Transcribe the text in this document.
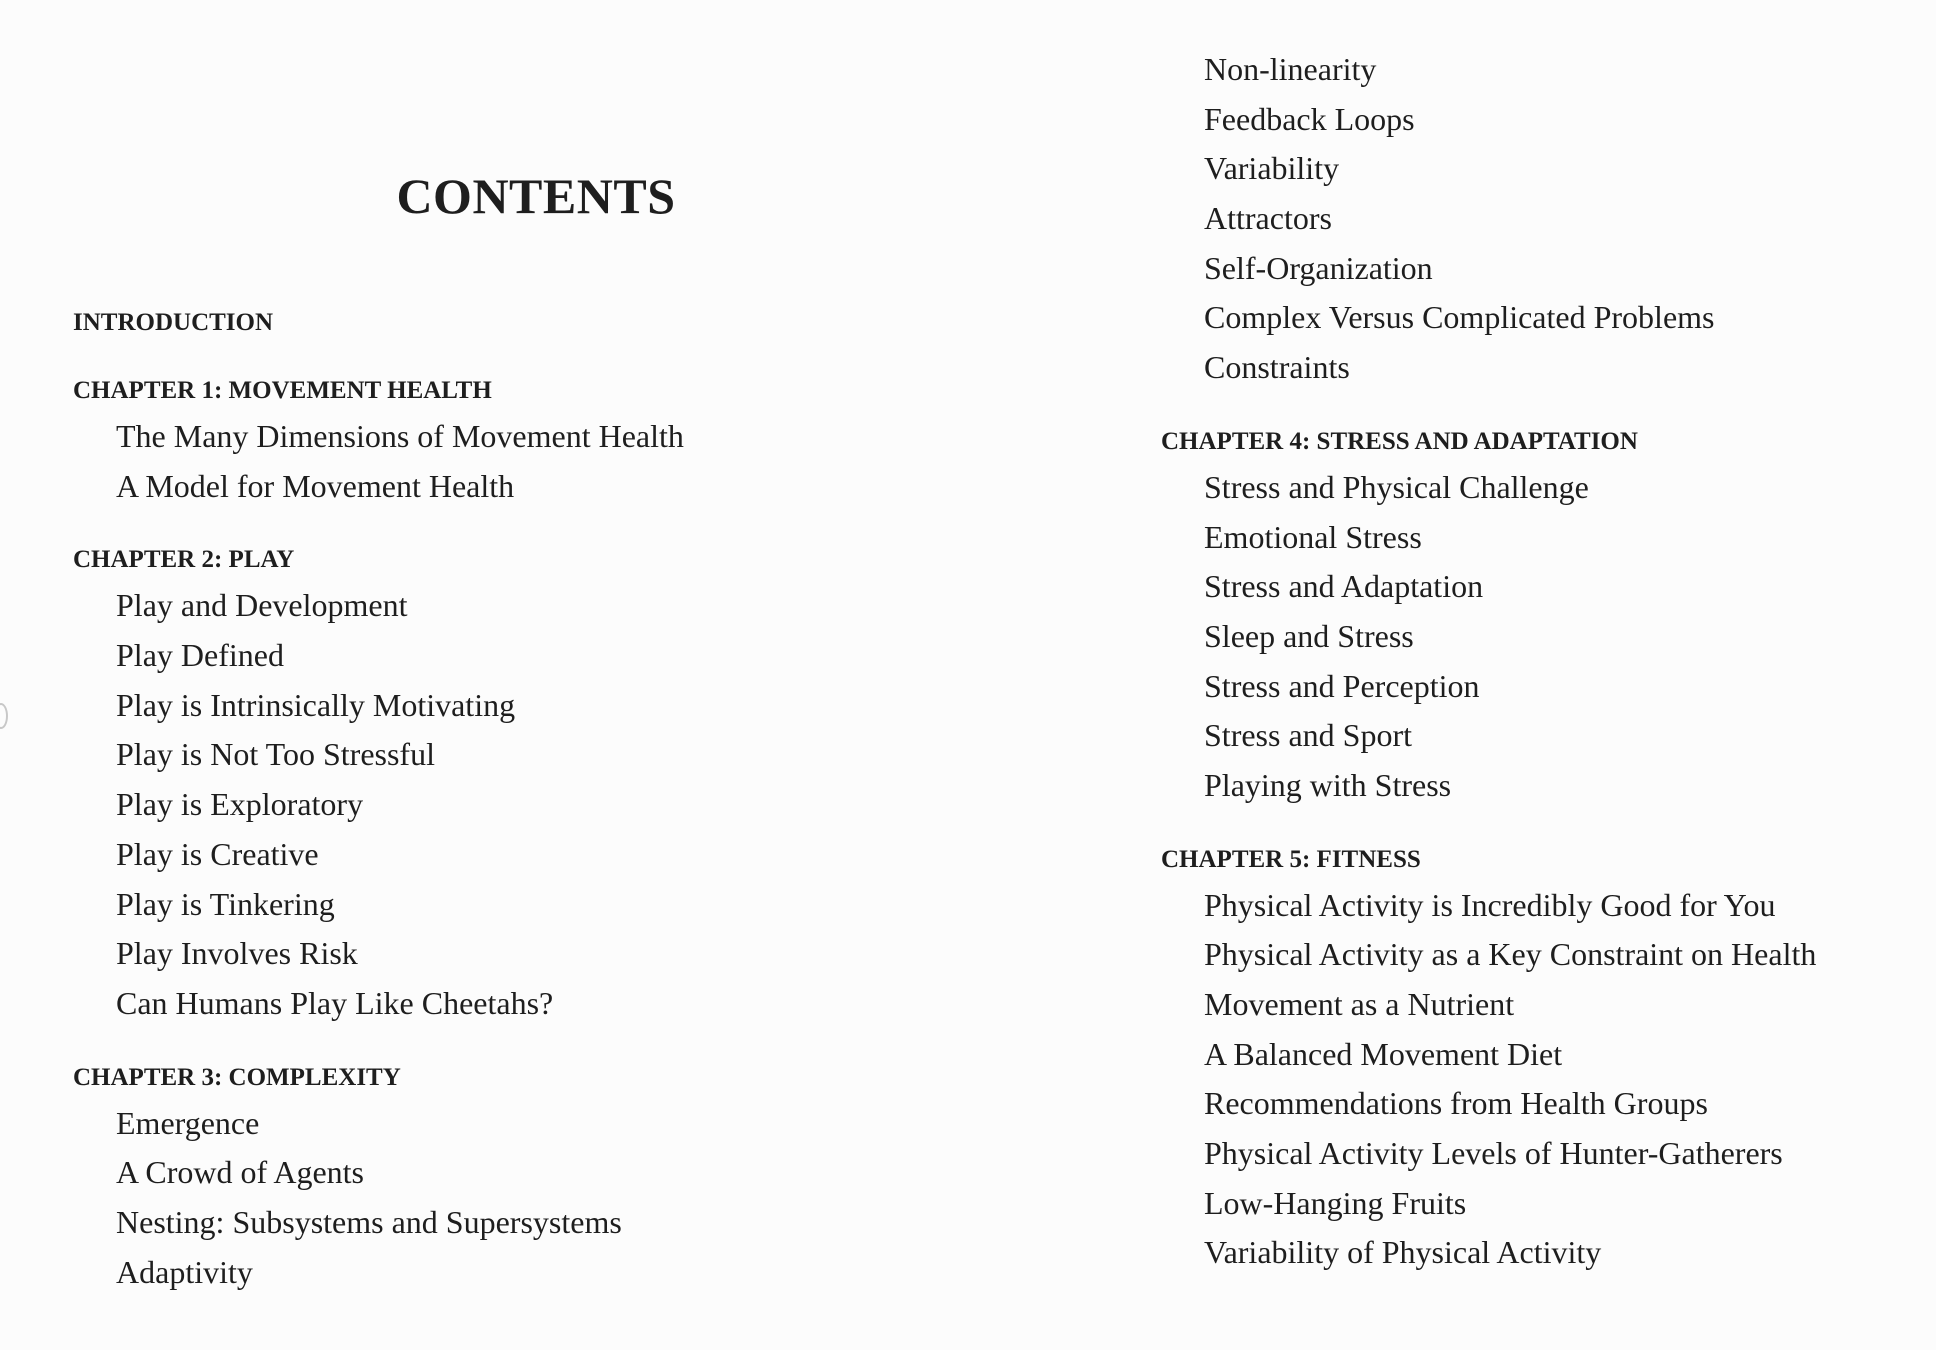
CONTENTS
INTRODUCTION
CHAPTER 1: MOVEMENT HEALTH
The Many Dimensions of Movement Health
A Model for Movement Health
CHAPTER 2: PLAY
Play and Development
Play Defined
Play is Intrinsically Motivating
Play is Not Too Stressful
Play is Exploratory
Play is Creative
Play is Tinkering
Play Involves Risk
Can Humans Play Like Cheetahs?
CHAPTER 3: COMPLEXITY
Emergence
A Crowd of Agents
Nesting: Subsystems and Supersystems
Adaptivity
Non-linearity
Feedback Loops
Variability
Attractors
Self-Organization
Complex Versus Complicated Problems
Constraints
CHAPTER 4: STRESS AND ADAPTATION
Stress and Physical Challenge
Emotional Stress
Stress and Adaptation
Sleep and Stress
Stress and Perception
Stress and Sport
Playing with Stress
CHAPTER 5: FITNESS
Physical Activity is Incredibly Good for You
Physical Activity as a Key Constraint on Health
Movement as a Nutrient
A Balanced Movement Diet
Recommendations from Health Groups
Physical Activity Levels of Hunter-Gatherers
Low-Hanging Fruits
Variability of Physical Activity
